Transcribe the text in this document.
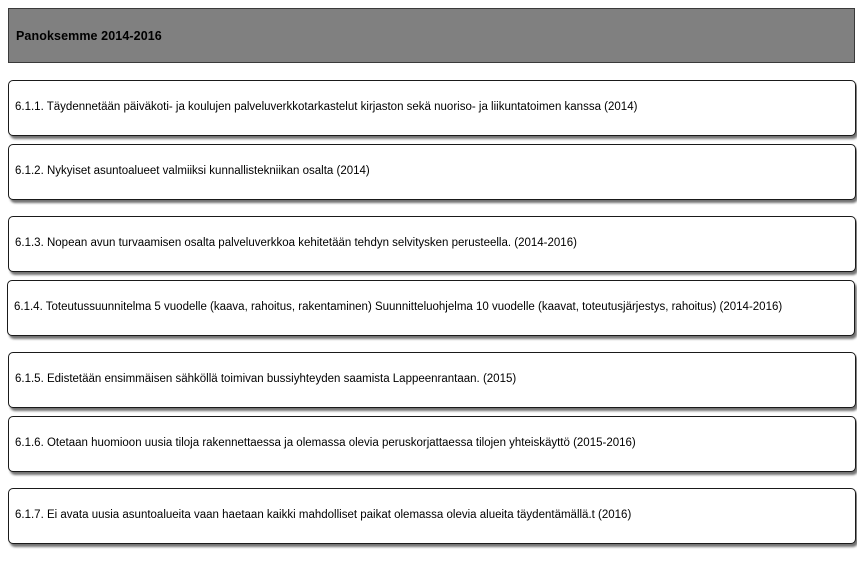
Panoksemme 2014-2016
6.1.1. Täydennetään päiväkoti- ja koulujen palveluverkkotarkastelut kirjaston sekä nuoriso- ja liikuntatoimen kanssa (2014)
6.1.2. Nykyiset asuntoalueet valmiiksi kunnallistekniikan osalta (2014)
6.1.3. Nopean avun turvaamisen osalta palveluverkkoa kehitetään tehdyn selvitysken perusteella. (2014-2016)
6.1.4. Toteutussuunnitelma 5 vuodelle (kaava, rahoitus, rakentaminen) Suunnitteluohjelma 10 vuodelle (kaavat, toteutusjärjestys, rahoitus) (2014-2016)
6.1.5. Edistetään ensimmäisen sähköllä toimivan bussiyhteyden saamista Lappeenrantaan. (2015)
6.1.6. Otetaan huomioon uusia tiloja rakennettaessa ja olemassa olevia peruskorjattaessa tilojen yhteiskäyttö (2015-2016)
6.1.7. Ei avata uusia asuntoalueita vaan haetaan kaikki mahdolliset paikat olemassa olevia alueita täydentämällä.t (2016)
